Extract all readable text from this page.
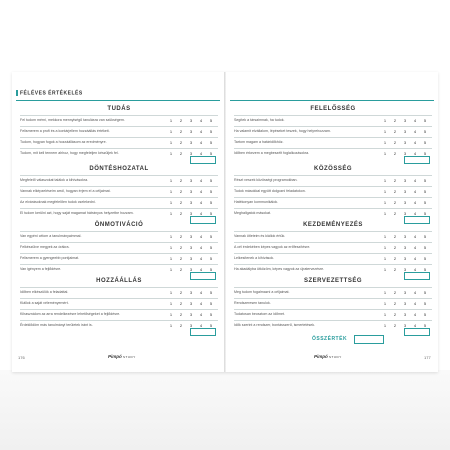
FÉLÉVES ÉRTÉKELÉS
TUDÁS
Fel tudom mérni, mekkora mennyiségű tanulásra van szükségem.	1 2 3 4 5
Felismerem a profi és a kontárjellem hozzáállás értékeit.	1 2 3 4 5
Tudom, hogyan fogok a hozzáállásom az eredményre.	1 2 3 4 5
Tudom, mit kell tennem ahhoz, hogy megfeleljen készüljek fel.	1 2 3 4 5
DÖNTÉSHOZATAL
Megfelelő válaszokat találok a kihívásokra.	1 2 3 4 5
Vannak elképzeléseim arról, hogyan érjem el a céljaimat.	1 2 3 4 5
Az elvárásoknak megfelelően tudok cselekedni.	1 2 3 4 5
El tudom kerülni azt, hogy saját magamat hátrányos helyzetbe hozzam.	1 2 3 4 5
ÖNMOTIVÁCIÓ
Van egyéni célom a tanulmányaimmal.	1 2 3 4 5
Felkészülve megyek az órákra.	1 2 3 4 5
Felismerem a gyengeebb pontjaimat.	1 2 3 4 5
Van igényem a fejlődésre.	1 2 3 4 5
HOZZÁÁLLÁS
Időben elkészülök a feladattal.	1 2 3 4 5
Kiállok a saját véleményemért.	1 2 3 4 5
Kihasználom az arra rendelkezésre lehetőségeket a fejlődésre.	1 2 3 4 5
Érdeklődöm más tanulmányi területek iránt is.	1 2 3 4 5
176	Pimpó STUDY
FELELŐSSÉG
Segítek a társaimnak, ha tudok.	1 2 3 4 5
Ha valamit elvállalom, lépéseket teszek, hogy helyrehozzam.	1 2 3 4 5
Tartom magam a határidőkhöz.	1 2 3 4 5
Időben érkezem a megbeszélt foglalkozásokra.	1 2 3 4 5
KÖZÖSSÉG
Részt veszek közösségi programokban.	1 2 3 4 5
Tudok másokkal együtt dolgozni feladatokon.	1 2 3 4 5
Hatékonyan kommunikálok.	1 2 3 4 5
Meghallgatok másokat.	1 2 3 4 5
KEZDEMÉNYEZÉS
Vannak ötleteim és kiállok értük.	1 2 3 4 5
A cél érdekében képes vagyok az erőfeszítésre.	1 2 3 4 5
Lelkesítenek a kihívások.	1 2 3 4 5
Ha akadályba ütközöm, képes vagyok az újratervezésre.	1 2 3 4 5
SZERVEZETTSÉG
Meg tudom fogalmazni a céljaimat.	1 2 3 4 5
Rendszeresen tanulok.	1 2 3 4 5
Tudatosan beosztom az időmet.	1 2 3 4 5
Idők szerint a rendszer, bontásszerű, ismertetések.	1 2 3 4 5
ÖSSZÉRTÉK
177
Pimpó STUDY
